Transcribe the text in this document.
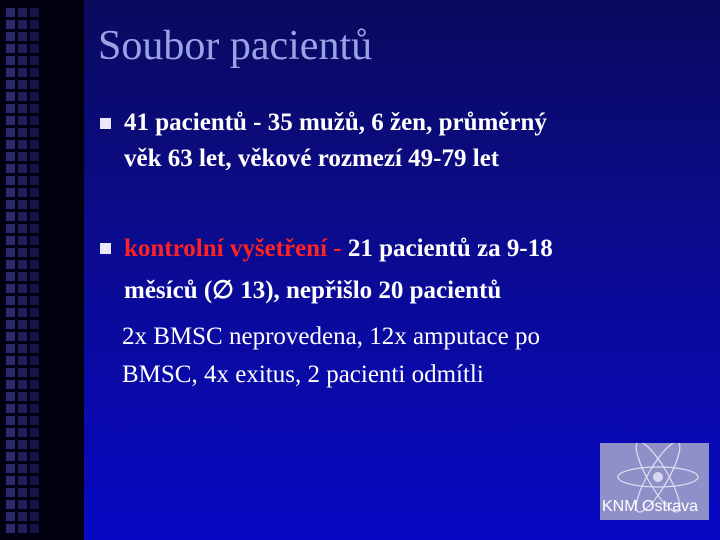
Soubor pacientů
41 pacientů - 35 mužů, 6 žen, průměrný
věk 63 let, věkové rozmezí 49-79 let
kontrolní vyšetření - 21 pacientů za 9-18
měsíců (∅ 13), nepřišlo 20 pacientů
2x BMSC neprovedena, 12x amputace po
BMSC, 4x exitus, 2 pacienti odmítli
KNM Ostrava
